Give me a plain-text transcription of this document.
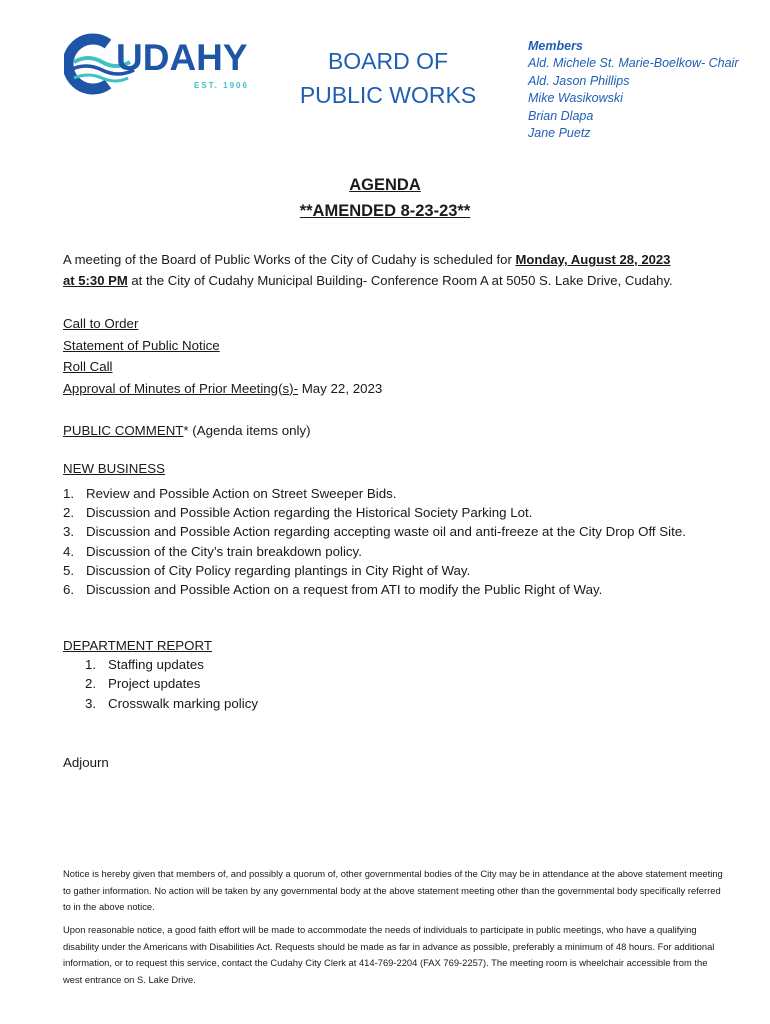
UDAHY
EST. 1906
BOARD OF
PUBLIC WORKS
Members
Ald. Michele St. Marie-Boelkow- Chair
Ald. Jason Phillips
Mike Wasikowski
Brian Dlapa
Jane Puetz
AGENDA
**AMENDED 8-23-23**
A meeting of the Board of Public Works of the City of Cudahy is scheduled for Monday, August 28, 2023
at 5:30 PM at the City of Cudahy Municipal Building- Conference Room A at 5050 S. Lake Drive, Cudahy.
Call to Order
Statement of Public Notice
Roll Call
Approval of Minutes of Prior Meeting(s)- May 22, 2023
PUBLIC COMMENT* (Agenda items only)
NEW BUSINESS
1. Review and Possible Action on Street Sweeper Bids.
2. Discussion and Possible Action regarding the Historical Society Parking Lot.
3. Discussion and Possible Action regarding accepting waste oil and anti-freeze at the City Drop Off Site.
4. Discussion of the City’s train breakdown policy.
5. Discussion of City Policy regarding plantings in City Right of Way.
6. Discussion and Possible Action on a request from ATI to modify the Public Right of Way.
DEPARTMENT REPORT
1. Staffing updates
2. Project updates
3. Crosswalk marking policy
Adjourn
Notice is hereby given that members of, and possibly a quorum of, other governmental bodies of the City may be in attendance at the above statement meeting to gather information. No action will be taken by any governmental body at the above statement meeting other than the governmental body specifically referred to in the above notice.
Upon reasonable notice, a good faith effort will be made to accommodate the needs of individuals to participate in public meetings, who have a qualifying disability under the Americans with Disabilities Act. Requests should be made as far in advance as possible, preferably a minimum of 48 hours. For additional information, or to request this service, contact the Cudahy City Clerk at 414-769-2204 (FAX 769-2257). The meeting room is wheelchair accessible from the west entrance on S. Lake Drive.
